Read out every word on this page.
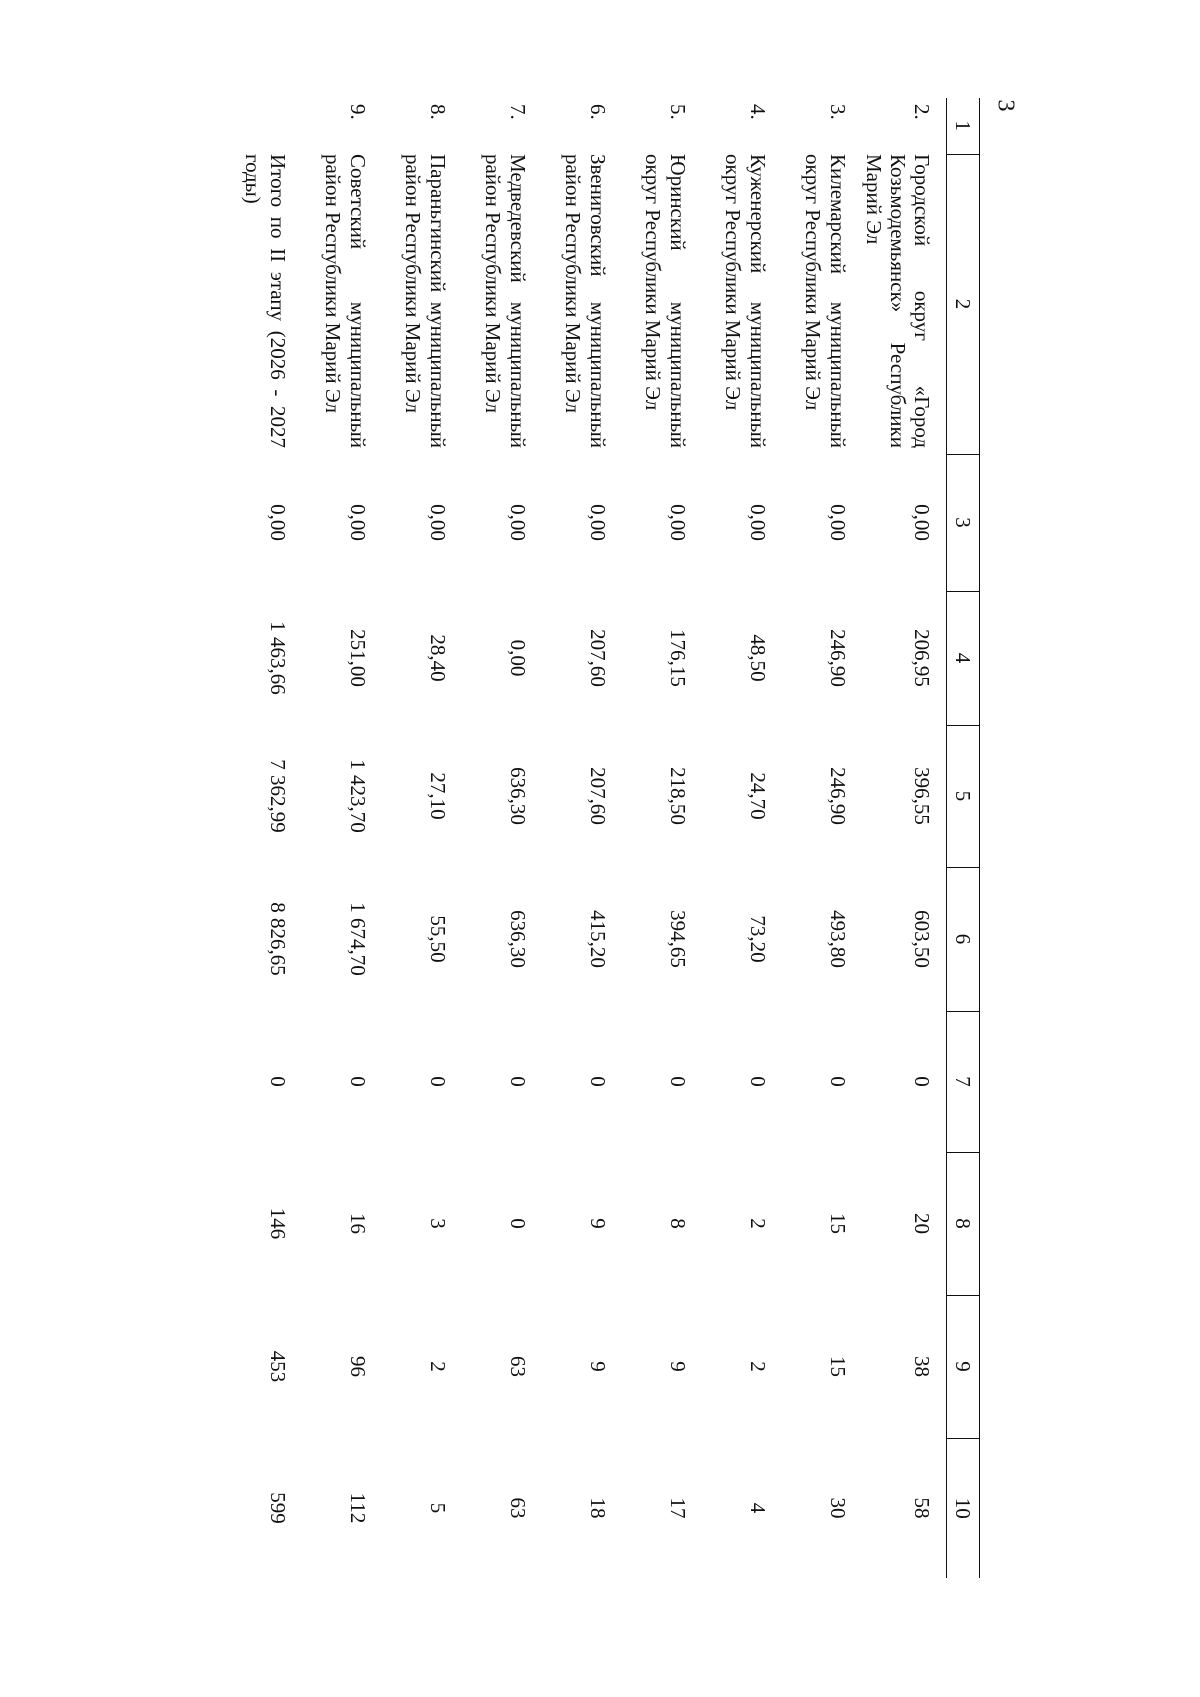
3
1	2	3	4	5	6	7	8	9	10
2.	Городской округ «Город Козьмодемьянск» Республики Марий Эл	0,00	206,95	396,55	603,50	0	20	38	58
3.	Килемарский муниципальный округ Республики Марий Эл	0,00	246,90	246,90	493,80	0	15	15	30
4.	Куженерский муниципальный округ Республики Марий Эл	0,00	48,50	24,70	73,20	0	2	2	4
5.	Юринский муниципальный округ Республики Марий Эл	0,00	176,15	218,50	394,65	0	8	9	17
6.	Звениговский муниципальный район Республики Марий Эл	0,00	207,60	207,60	415,20	0	9	9	18
7.	Медведевский муниципальный район Республики Марий Эл	0,00	0,00	636,30	636,30	0	0	63	63
8.	Параньгинский муниципальный район Республики Марий Эл	0,00	28,40	27,10	55,50	0	3	2	5
9.	Советский муниципальный район Республики Марий Эл	0,00	251,00	1 423,70	1 674,70	0	16	96	112
	Итого по II этапу (2026 - 2027 годы)	0,00	1 463,66	7 362,99	8 826,65	0	146	453	599
